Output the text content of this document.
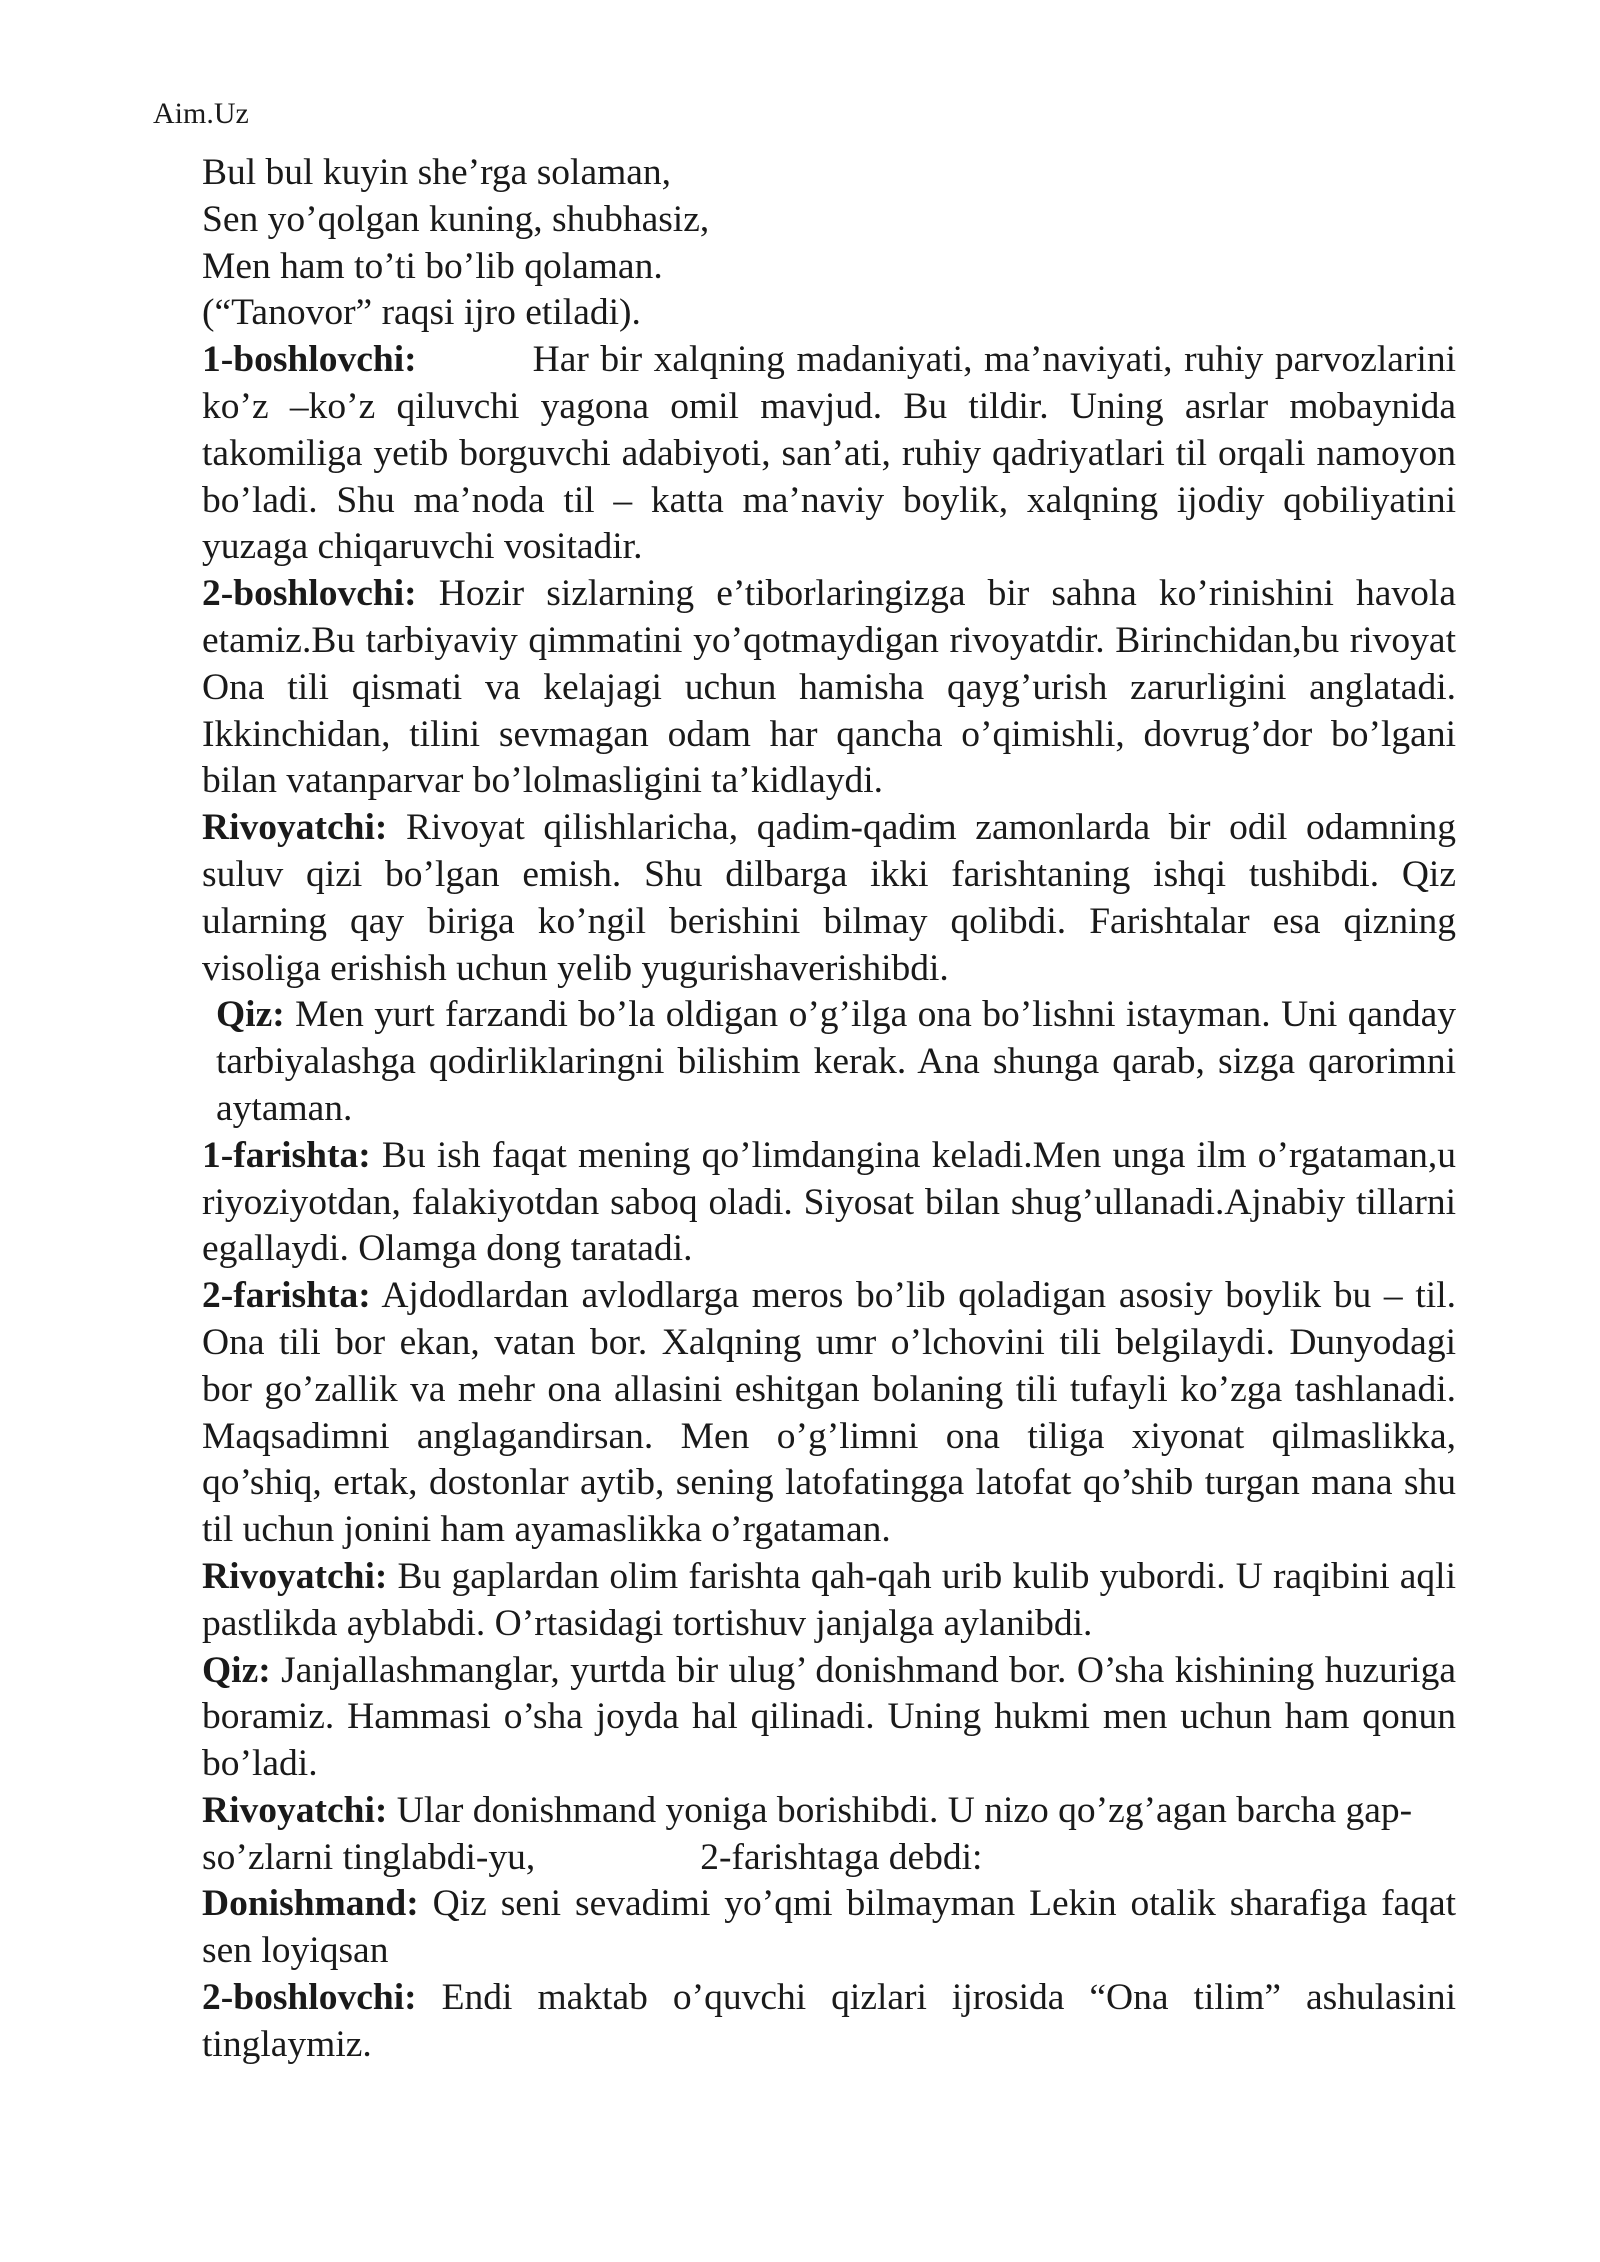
Aim.Uz

Bul bul kuyin she’rga solaman,

Sen yo’qolgan kuning, shubhasiz,

Men ham to’ti bo’lib qolaman.

(“Tanovor” raqsi ijro etiladi).

1-boshlovchi:	Har bir xalqning madaniyati, ma’naviyati, ruhiy parvozlarini ko’z –ko’z qiluvchi yagona omil mavjud. Bu tildir. Uning asrlar mobaynida takomiliga yetib borguvchi adabiyoti, san’ati, ruhiy qadriyatlari til orqali namoyon bo’ladi. Shu ma’noda til – katta ma’naviy boylik, xalqning ijodiy qobiliyatini yuzaga chiqaruvchi vositadir.

2-boshlovchi: Hozir sizlarning e’tiborlaringizga bir sahna ko’rinishini havola etamiz.Bu tarbiyaviy qimmatini yo’qotmaydigan rivoyatdir. Birinchidan,bu rivoyat Ona tili qismati va kelajagi uchun hamisha qayg’urish zarurligini anglatadi. Ikkinchidan, tilini sevmagan odam har qancha o’qimishli, dovrug’dor bo’lgani bilan vatanparvar bo’lolmasligini ta’kidlaydi.

Rivoyatchi: Rivoyat qilishlaricha, qadim-qadim zamonlarda bir odil odamning suluv qizi bo’lgan emish. Shu dilbarga ikki farishtaning ishqi tushibdi. Qiz ularning qay biriga ko’ngil berishini bilmay qolibdi. Farishtalar esa qizning visoliga erishish uchun yelib yugurishaverishibdi.

Qiz: Men yurt farzandi bo’la oldigan o’g’ilga ona bo’lishni istayman. Uni qanday tarbiyalashga qodirliklaringni bilishim kerak. Ana shunga qarab, sizga qarorimni aytaman.

1-farishta: Bu ish faqat mening qo’limdangina keladi.Men unga ilm o’rgataman,u riyoziyotdan, falakiyotdan saboq oladi. Siyosat bilan shug’ullanadi.Ajnabiy tillarni egallaydi. Olamga dong taratadi.

2-farishta: Ajdodlardan avlodlarga meros bo’lib qoladigan asosiy boylik bu – til. Ona tili bor ekan, vatan bor. Xalqning umr o’lchovini tili belgilaydi. Dunyodagi bor go’zallik va mehr ona allasini eshitgan bolaning tili tufayli ko’zga tashlanadi. Maqsadimni anglagandirsan. Men o’g’limni ona tiliga xiyonat qilmaslikka, qo’shiq, ertak, dostonlar aytib, sening latofatingga latofat qo’shib turgan mana shu til uchun jonini ham ayamaslikka o’rgataman.

Rivoyatchi: Bu gaplardan olim farishta qah-qah urib kulib yubordi. U raqibini aqli pastlikda ayblabdi. O’rtasidagi tortishuv janjalga aylanibdi.

Qiz: Janjallashmanglar, yurtda bir ulug’ donishmand bor. O’sha kishining huzuriga boramiz. Hammasi o’sha joyda hal qilinadi. Uning hukmi men uchun ham qonun bo’ladi.

Rivoyatchi: Ular donishmand yoniga borishibdi. U nizo qo’zg’agan barcha gap-so’zlarni tinglabdi-yu,	2-farishtaga debdi:

Donishmand: Qiz seni sevadimi yo’qmi bilmayman Lekin otalik sharafiga faqat sen loyiqsan

2-boshlovchi: Endi maktab o’quvchi qizlari ijrosida “Ona tilim” ashulasini tinglaymiz.
